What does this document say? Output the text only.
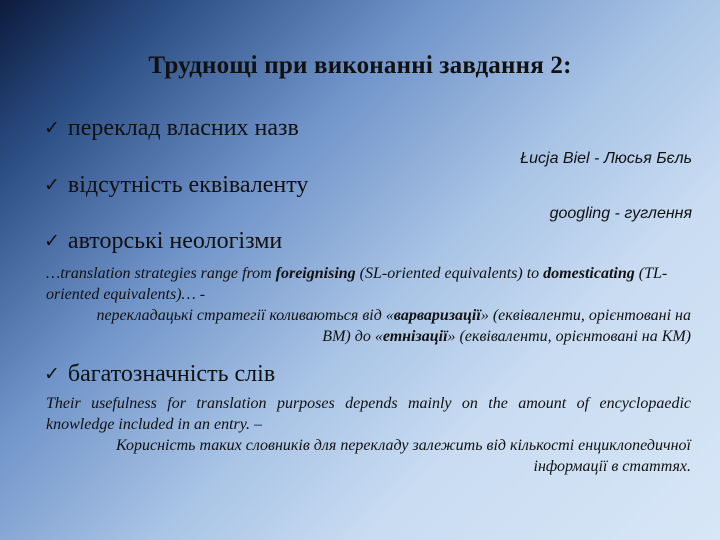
Труднощі при виконанні завдання 2:
✓ переклад власних назв
Łucja Biel - Люсья Бєль
✓ відсутність еквіваленту
googling - гуглення
✓ авторські неологізми

…translation strategies range from foreignising (SL-oriented equivalents) to domesticating (TL-oriented equivalents)… -

перекладацькі стратегії коливаються від «варваризації» (еквіваленти, орієнтовані на ВМ) до «етнізації» (еквіваленти, орієнтовані на КМ)

✓ багатозначність слів

Their usefulness for translation purposes depends mainly on the amount of encyclopaedic knowledge included in an entry. –

Корисність таких словників для перекладу залежить від кількості енциклопедичної інформації в статтях.
